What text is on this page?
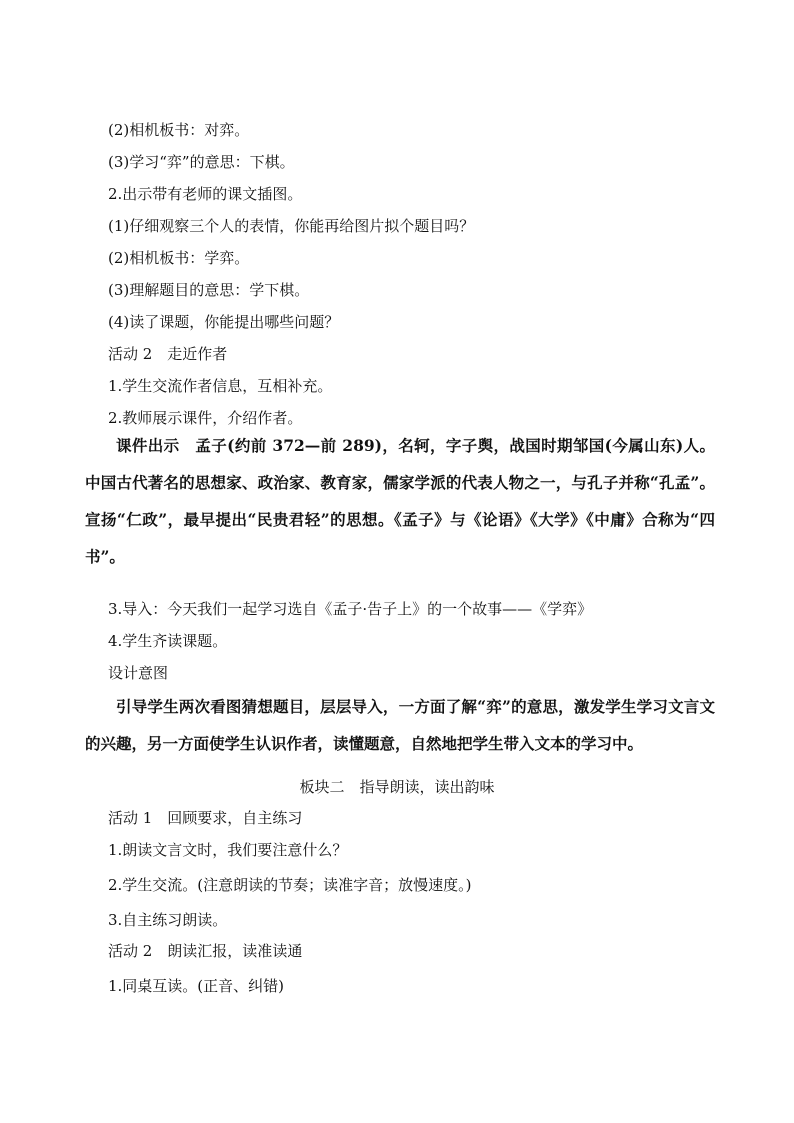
(2)相机板书：对弈。
(3)学习“弈”的意思：下棋。
2.出示带有老师的课文插图。
(1)仔细观察三个人的表情，你能再给图片拟个题目吗？
(2)相机板书：学弈。
(3)理解题目的意思：学下棋。
(4)读了课题，你能提出哪些问题？
活动 2　走近作者
1.学生交流作者信息，互相补充。
2.教师展示课件，介绍作者。
课件出示　 孟子(约前 372—前 289)，名轲，字子舆，战国时期邹国(今属山东)人。中国古代著名的思想家、政治家、教育家，儒家学派的代表人物之一，与孔子并称“孔孟”。宣扬“仁政”，最早提出“民贵君轻”的思想。《孟子》与《论语》《大学》《中庸》合称为“四书”。
3.导入：今天我们一起学习选自《孟子·告子上》的一个故事——《学弈》
4.学生齐读课题。
设计意图
引导学生两次看图猜想题目，层层导入，一方面了解“弈”的意思，激发学生学习文言文的兴趣，另一方面使学生认识作者，读懂题意，自然地把学生带入文本的学习中。
板块二　指导朗读，读出韵味
活动 1　回顾要求，自主练习
1.朗读文言文时，我们要注意什么？
2.学生交流。(注意朗读的节奏；读准字音；放慢速度。)
3.自主练习朗读。
活动 2　朗读汇报，读准读通
1.同桌互读。(正音、纠错)
